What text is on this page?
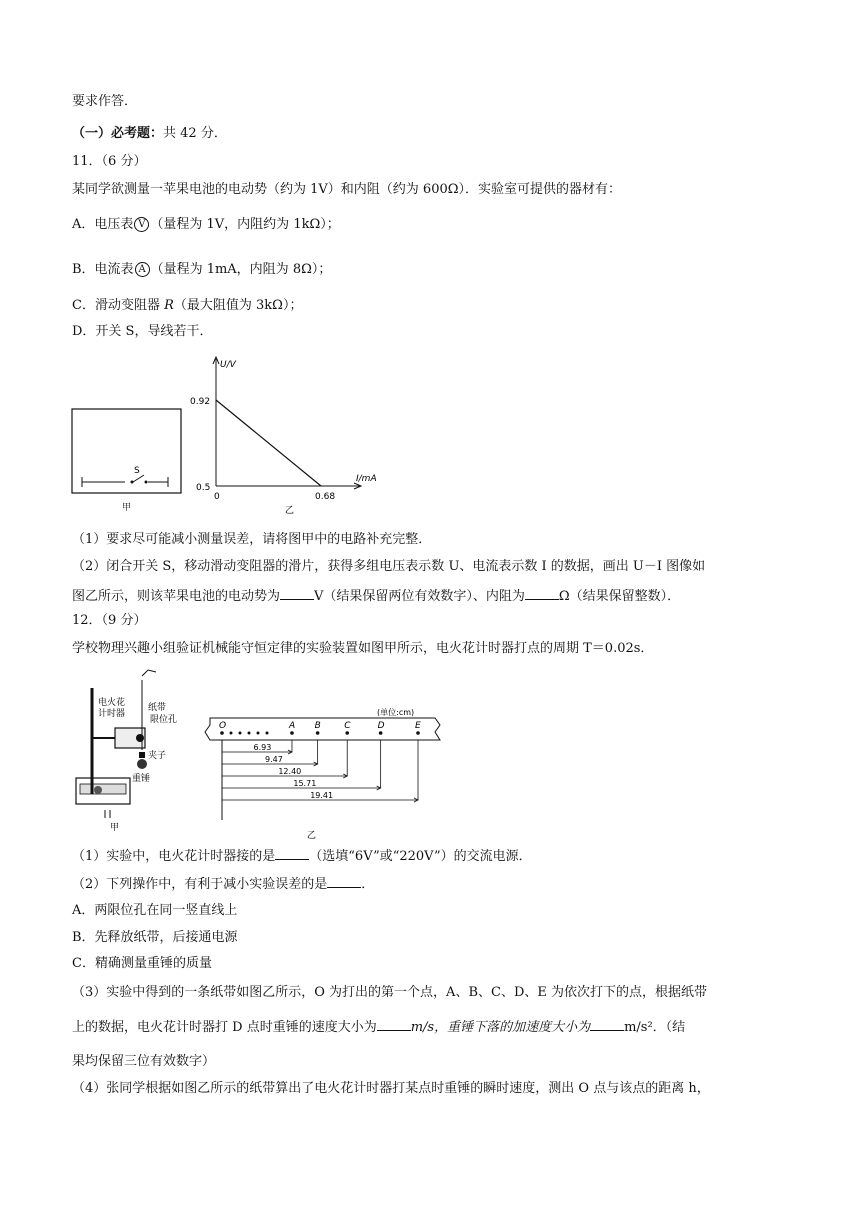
要求作答．
（一）必考题：共 42 分．
11．（6 分）
某同学欲测量一苹果电池的电动势（约为 1V）和内阻（约为 600Ω）．实验室可提供的器材有：
A．电压表 V （量程为 1V，内阻约为 1kΩ）；
B．电流表 A （量程为 1mA，内阻为 8Ω）；
C．滑动变阻器 R（最大阻值为 3kΩ）；
D．开关 S，导线若干．
S
甲
U/V
I/mA
0.92
0.5
0	0.68
乙
（1）要求尽可能减小测量误差，请将图甲中的电路补充完整．
（2）闭合开关 S，移动滑动变阻器的滑片，获得多组电压表示数 U、电流表示数 I 的数据，画出 U－I 图像如
图乙所示，则该苹果电池的电动势为	V（结果保留两位有效数字）、内阻为	Ω（结果保留整数）．
12．（9 分）
学校物理兴趣小组验证机械能守恒定律的实验装置如图甲所示，电火花计时器打点的周期 T＝0.02s．
电火花
计时器
纸带
限位孔
夹子
重锤
甲
(单位:cm)
O	A B	C	D	E
6.93
9.47
12.40
15.71
19.41
乙
（1）实验中，电火花计时器接的是	（选填“6V”或“220V”）的交流电源．
（2）下列操作中，有利于减小实验误差的是	．
A．两限位孔在同一竖直线上
B．先释放纸带，后接通电源
C．精确测量重锤的质量
（3）实验中得到的一条纸带如图乙所示，O 为打出的第一个点，A、B、C、D、E 为依次打下的点，根据纸带
上的数据，电火花计时器打 D 点时重锤的速度大小为	m/s，重锤下落的加速度大小为	m/s²．（结
果均保留三位有效数字）
（4）张同学根据如图乙所示的纸带算出了电火花计时器打某点时重锤的瞬时速度，测出 O 点与该点的距离 h，
